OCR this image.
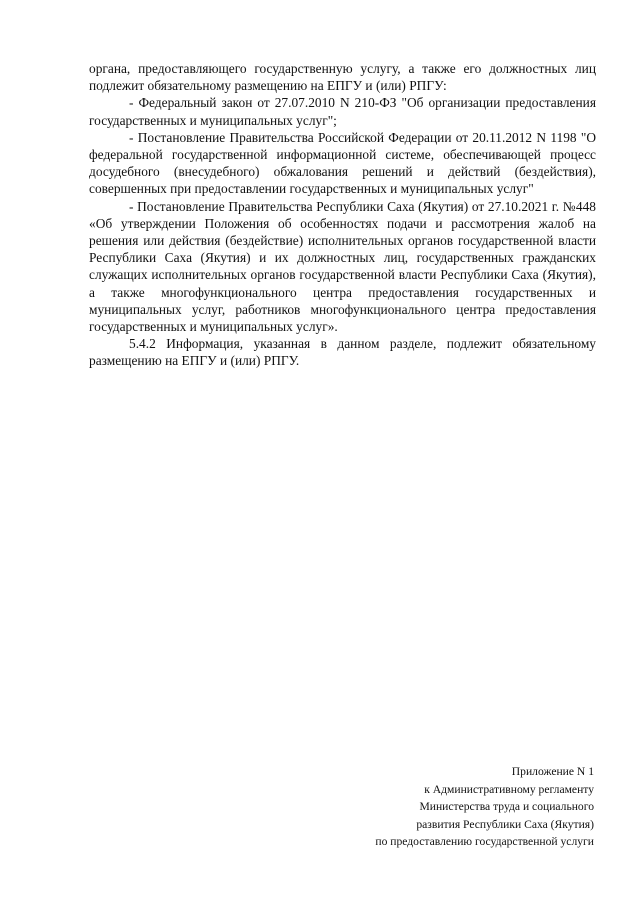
органа, предоставляющего государственную услугу, а также его должностных лиц подлежит обязательному размещению на ЕПГУ и (или) РПГУ:

- Федеральный закон от 27.07.2010 N 210-ФЗ "Об организации предоставления государственных и муниципальных услуг";

- Постановление Правительства Российской Федерации от 20.11.2012 N 1198 "О федеральной государственной информационной системе, обеспечивающей процесс досудебного (внесудебного) обжалования решений и действий (бездействия), совершенных при предоставлении государственных и муниципальных услуг"

- Постановление Правительства Республики Саха (Якутия) от 27.10.2021 г. №448 «Об утверждении Положения об особенностях подачи и рассмотрения жалоб на решения или действия (бездействие) исполнительных органов государственной власти Республики Саха (Якутия) и их должностных лиц, государственных гражданских служащих исполнительных органов государственной власти Республики Саха (Якутия), а также многофункционального центра предоставления государственных и муниципальных услуг, работников многофункционального центра предоставления государственных и муниципальных услуг».

5.4.2 Информация, указанная в данном разделе, подлежит обязательному размещению на ЕПГУ и (или) РПГУ.

Приложение N 1
к Административному регламенту
Министерства труда и социального
развития Республики Саха (Якутия)
по предоставлению государственной услуги
